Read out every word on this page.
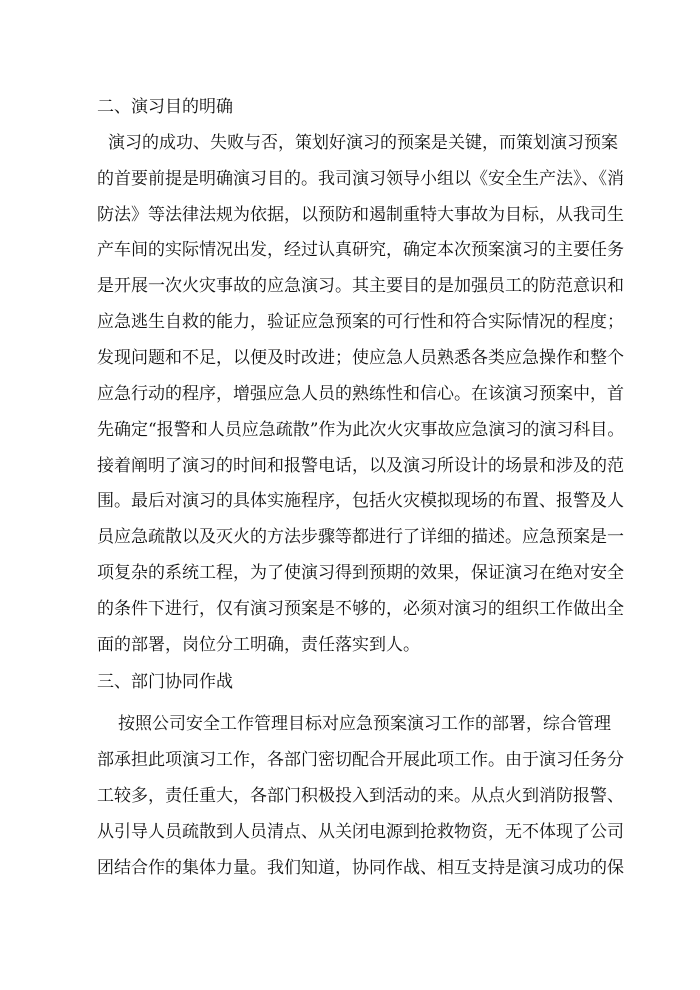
二、演习目的明确
演习的成功、失败与否，策划好演习的预案是关键，而策划演习预案
的首要前提是明确演习目的。我司演习领导小组以《安全生产法》、《消
防法》等法律法规为依据，以预防和遏制重特大事故为目标，从我司生
产车间的实际情况出发，经过认真研究，确定本次预案演习的主要任务
是开展一次火灾事故的应急演习。其主要目的是加强员工的防范意识和
应急逃生自救的能力，验证应急预案的可行性和符合实际情况的程度；
发现问题和不足，以便及时改进；使应急人员熟悉各类应急操作和整个
应急行动的程序，增强应急人员的熟练性和信心。在该演习预案中，首
先确定“报警和人员应急疏散”作为此次火灾事故应急演习的演习科目。
接着阐明了演习的时间和报警电话，以及演习所设计的场景和涉及的范
围。最后对演习的具体实施程序，包括火灾模拟现场的布置、报警及人
员应急疏散以及灭火的方法步骤等都进行了详细的描述。应急预案是一
项复杂的系统工程，为了使演习得到预期的效果，保证演习在绝对安全
的条件下进行，仅有演习预案是不够的，必须对演习的组织工作做出全
面的部署，岗位分工明确，责任落实到人。
三、部门协同作战
按照公司安全工作管理目标对应急预案演习工作的部署，综合管理
部承担此项演习工作，各部门密切配合开展此项工作。由于演习任务分
工较多，责任重大，各部门积极投入到活动的来。从点火到消防报警、
从引导人员疏散到人员清点、从关闭电源到抢救物资，无不体现了公司
团结合作的集体力量。我们知道，协同作战、相互支持是演习成功的保
